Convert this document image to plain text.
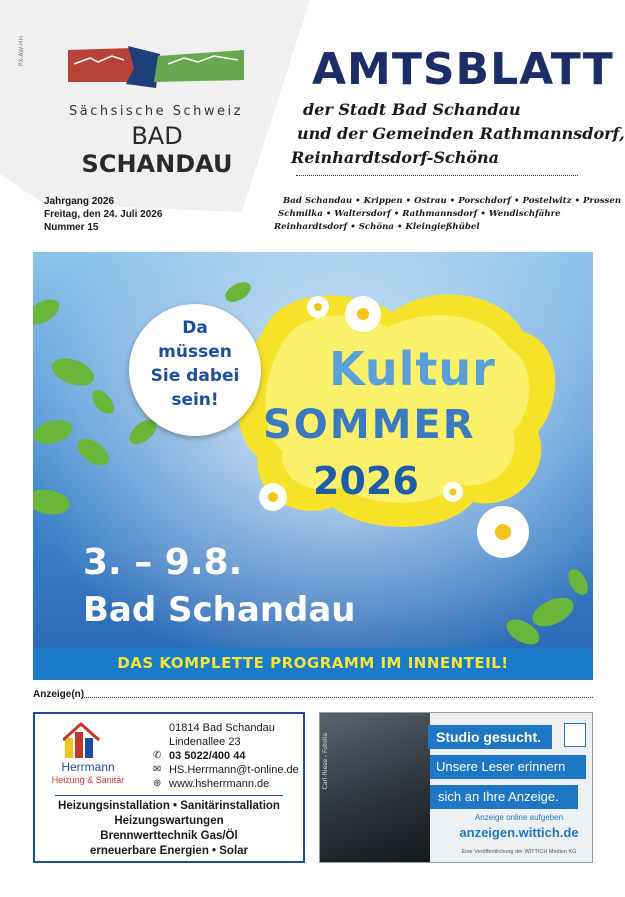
PX-AW-HH
Sächsische Schweiz
BAD SCHANDAU
AMTSBLATT
der Stadt Bad Schandau
und der Gemeinden Rathmannsdorf,
Reinhardtsdorf-Schöna
Jahrgang 2026
Freitag, den 24. Juli 2026
Nummer 15
Bad Schandau • Krippen • Ostrau • Porschdorf • Postelwitz • Prossen
Schmilka • Waltersdorf • Rathmannsdorf • Wendischfähre
Reinhardtsdorf • Schöna • Kleingießhübel
Da
müssen
Sie dabei
sein!
Kultur
SOMMER
2026
3. – 9.8.
Bad Schandau
DAS KOMPLETTE PROGRAMM IM INNENTEIL!
Anzeige(n)
Herrmann
Heizung & Sanitär
01814 Bad Schandau
Lindenallee 23
✆ 03 5022/400 44
✉ HS.Herrmann@t-online.de
⊕ www.hsherrmann.de
Heizungsinstallation • Sanitärinstallation
Heizungswartungen
Brennwerttechnik Gas/Öl
erneuerbare Energien • Solar
Carl-Riese - Fotolia	Studio gesucht.
Unsere Leser erinnern
sich an Ihre Anzeige.
Anzeige online aufgeben
anzeigen.wittich.de
Eine Veröffentlichung der WITTICH Medien KG
